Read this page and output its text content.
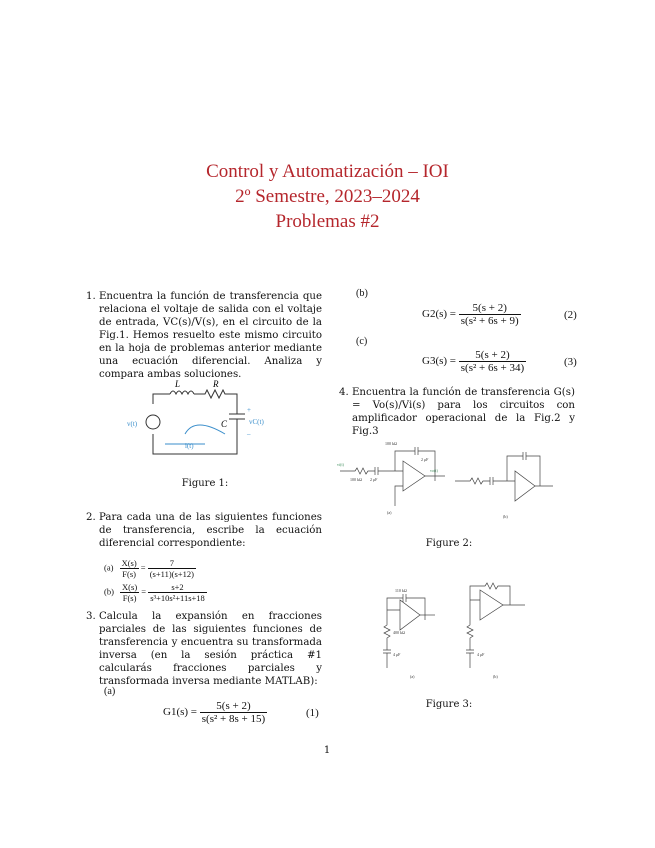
Control y Automatización – IOI
2º Semestre, 2023–2024
Problemas #2
1. Encuentra la función de transferencia que relaciona el voltaje de salida con el voltaje de entrada, VC(s)/V(s), en el circuito de la Fig.1. Hemos resuelto este mismo circuito en la hoja de problemas anterior mediante una ecuación diferencial. Analiza y compara ambas soluciones.
L	R
C
v(t)	vC(t)
i(t)
+
–
Figure 1:
2. Para cada una de las siguientes funciones de transferencia, escribe la ecuación diferencial correspondiente:
$(a) \frac{X(s)}{F(s)} = \frac{7}{(s+11)(s+12)}$
$(b) \frac{X(s)}{F(s)} = \frac{s+2}{\text{s³+10s²+11s+18}}$
3. Calcula la expansión en fracciones parciales de las siguientes funciones de transferencia y encuentra su transformada inversa (en la sesión práctica #1 calcularás fracciones parciales y transformada inversa mediante MATLAB):
(a)
$G1(s) = \frac{5(s + 2)}{\text{s(s² + 8s + 15)}}$	(1)
(b)
$G2(s) = \frac{5(s + 2)}{\text{s(s² + 6s + 9)}}$	(2)
(c)
$G3(s) = \frac{5(s + 2)}{\text{s(s² + 6s + 34)}}$	(3)
4. Encuentra la función de transferencia G(s) = Vo(s)/Vi(s) para los circuitos con amplificador operacional de la Fig.2 y Fig.3
vi(t)
vo(t)
100 kΩ 2 μF
100 kΩ
2 μF
(a)
(b)
Figure 2:
110 kΩ
400 kΩ
4 μF	4 μF
(a)	(b)
Figure 3:
1
